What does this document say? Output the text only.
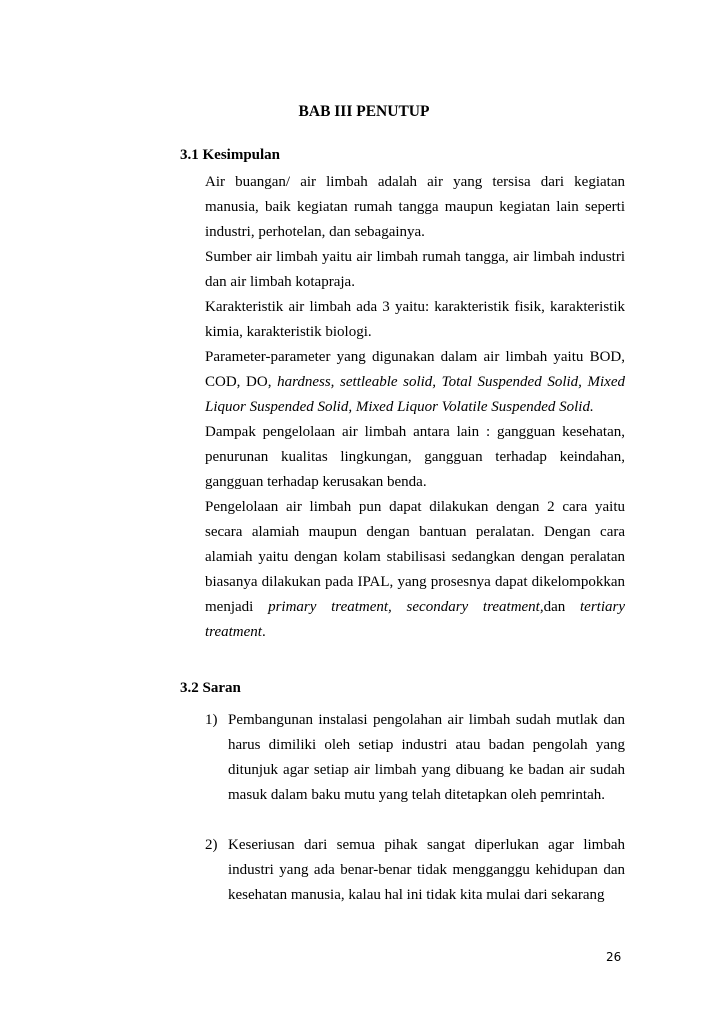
BAB III PENUTUP
3.1 Kesimpulan
Air buangan/ air limbah adalah air yang tersisa dari kegiatan manusia, baik kegiatan rumah tangga maupun kegiatan lain seperti industri, perhotelan, dan sebagainya.
Sumber air limbah yaitu air limbah rumah tangga, air limbah industri dan air limbah kotapraja.
Karakteristik air limbah ada 3 yaitu: karakteristik fisik, karakteristik kimia, karakteristik biologi.
Parameter-parameter yang digunakan dalam air limbah yaitu BOD, COD, DO, hardness, settleable solid, Total Suspended Solid, Mixed Liquor Suspended Solid, Mixed Liquor Volatile Suspended Solid.
Dampak pengelolaan air limbah antara lain : gangguan kesehatan, penurunan kualitas lingkungan, gangguan terhadap keindahan, gangguan terhadap kerusakan benda.
Pengelolaan air limbah pun dapat dilakukan dengan 2 cara yaitu secara alamiah maupun dengan bantuan peralatan. Dengan cara alamiah yaitu dengan kolam stabilisasi sedangkan dengan peralatan biasanya dilakukan pada IPAL, yang prosesnya dapat dikelompokkan menjadi primary treatment, secondary treatment,dan tertiary treatment.
3.2 Saran
1) Pembangunan instalasi pengolahan air limbah sudah mutlak dan harus dimiliki oleh setiap industri atau badan pengolah yang ditunjuk agar setiap air limbah yang dibuang ke badan air sudah masuk dalam baku mutu yang telah ditetapkan oleh pemrintah.
2) Keseriusan dari semua pihak sangat diperlukan agar limbah industri yang ada benar-benar tidak mengganggu kehidupan dan kesehatan manusia, kalau hal ini tidak kita mulai dari sekarang
26
